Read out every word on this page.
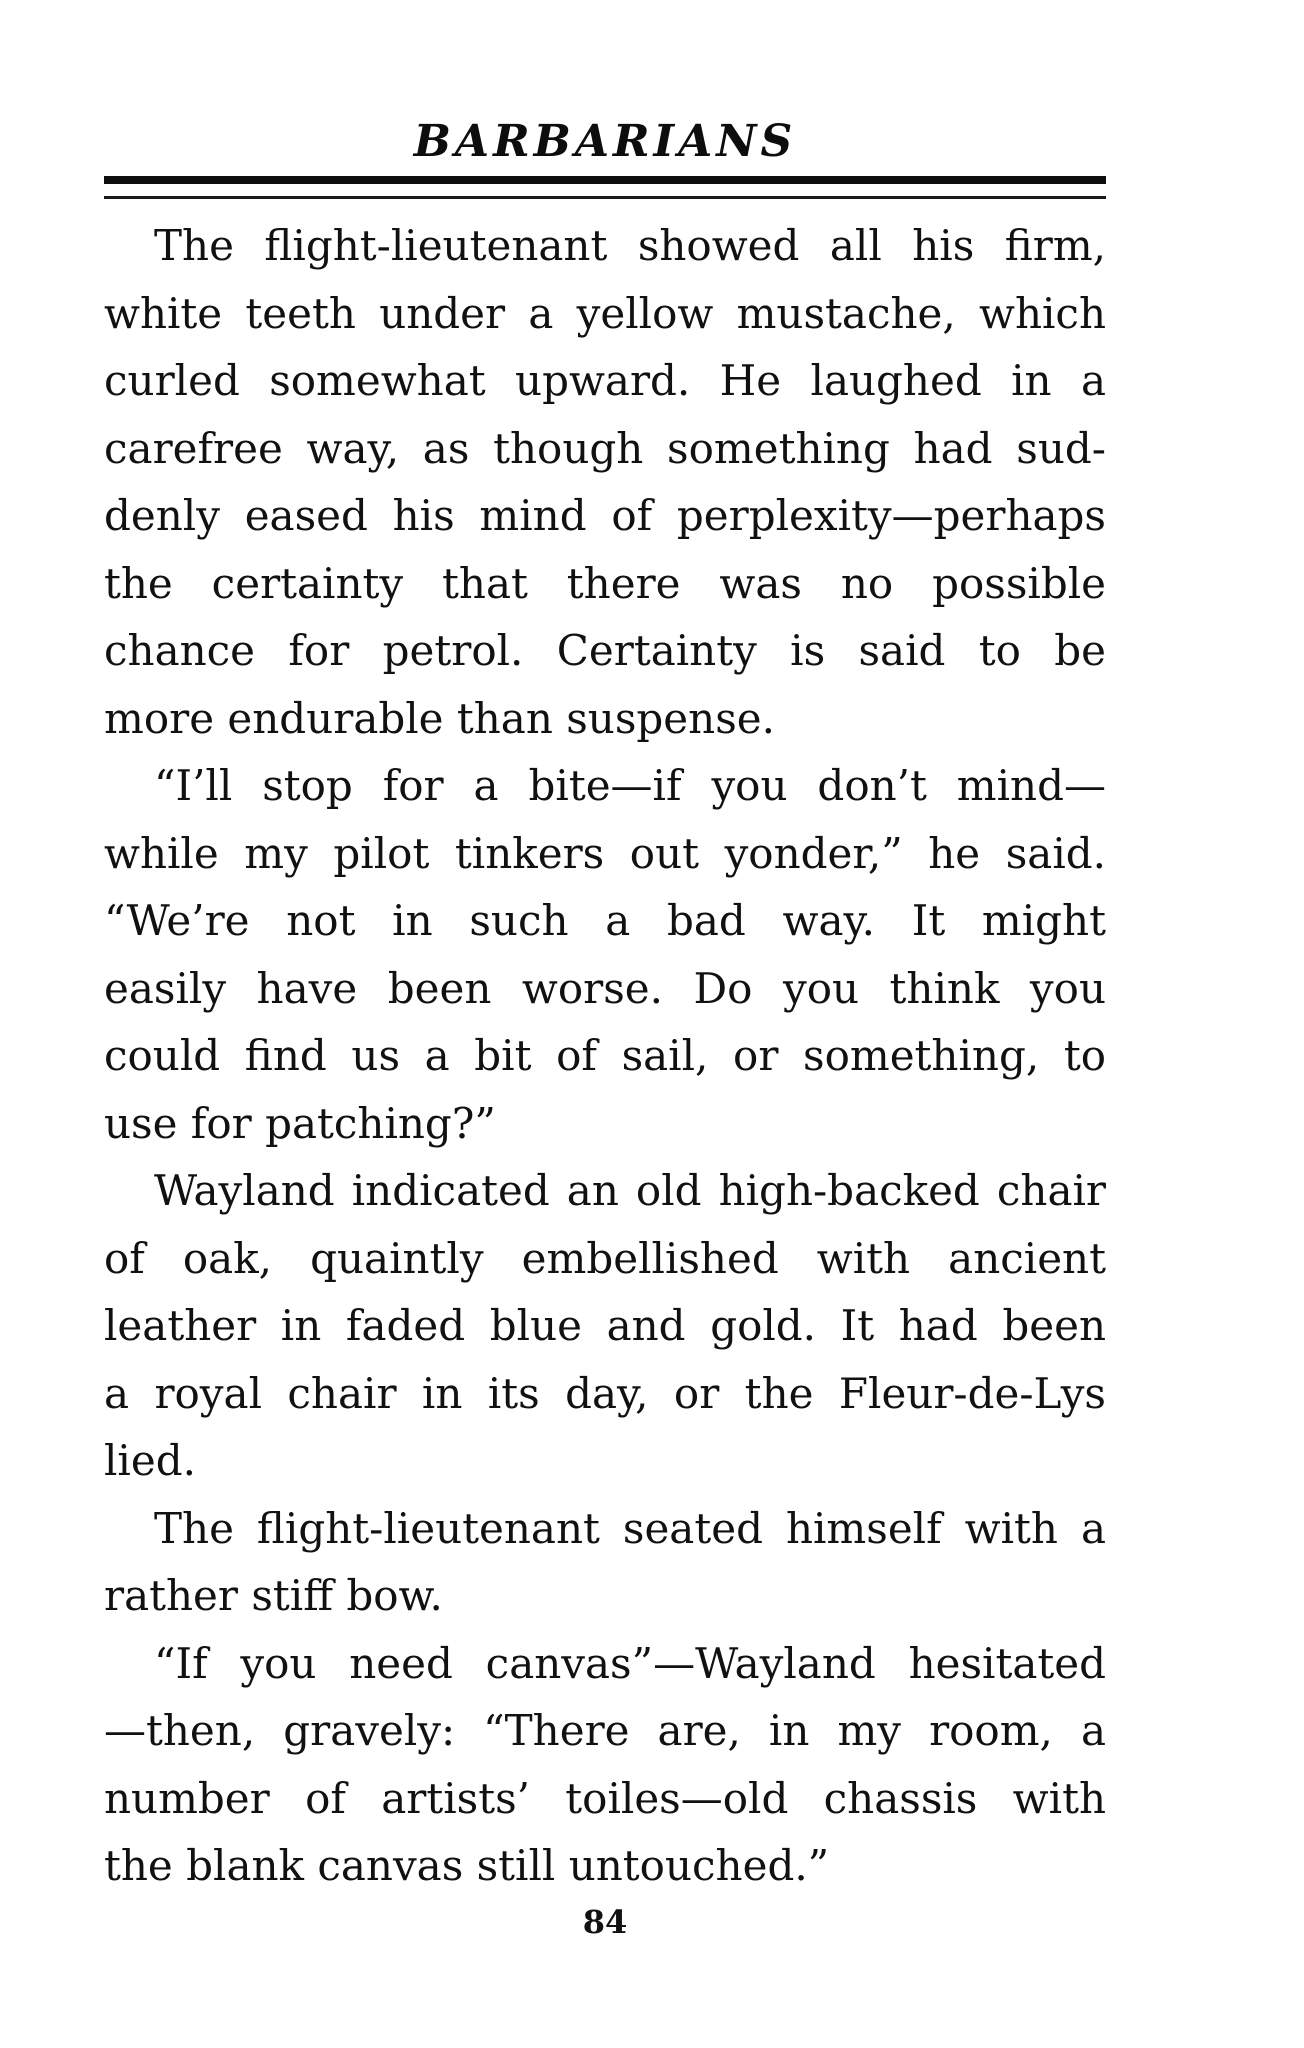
BARBARIANS
The flight-lieutenant showed all his firm,
white teeth under a yellow mustache, which
curled somewhat upward. He laughed in a
carefree way, as though something had sud-
denly eased his mind of perplexity—perhaps
the certainty that there was no possible
chance for petrol. Certainty is said to be
more endurable than suspense.
“I’ll stop for a bite—if you don’t mind—
while my pilot tinkers out yonder,” he said.
“We’re not in such a bad way. It might
easily have been worse. Do you think you
could find us a bit of sail, or something, to
use for patching?”
Wayland indicated an old high-backed chair
of oak, quaintly embellished with ancient
leather in faded blue and gold. It had been
a royal chair in its day, or the Fleur-de-Lys
lied.
The flight-lieutenant seated himself with a
rather stiff bow.
“If you need canvas”—Wayland hesitated
—then, gravely: “There are, in my room, a
number of artists’ toiles—old chassis with
the blank canvas still untouched.”
84
